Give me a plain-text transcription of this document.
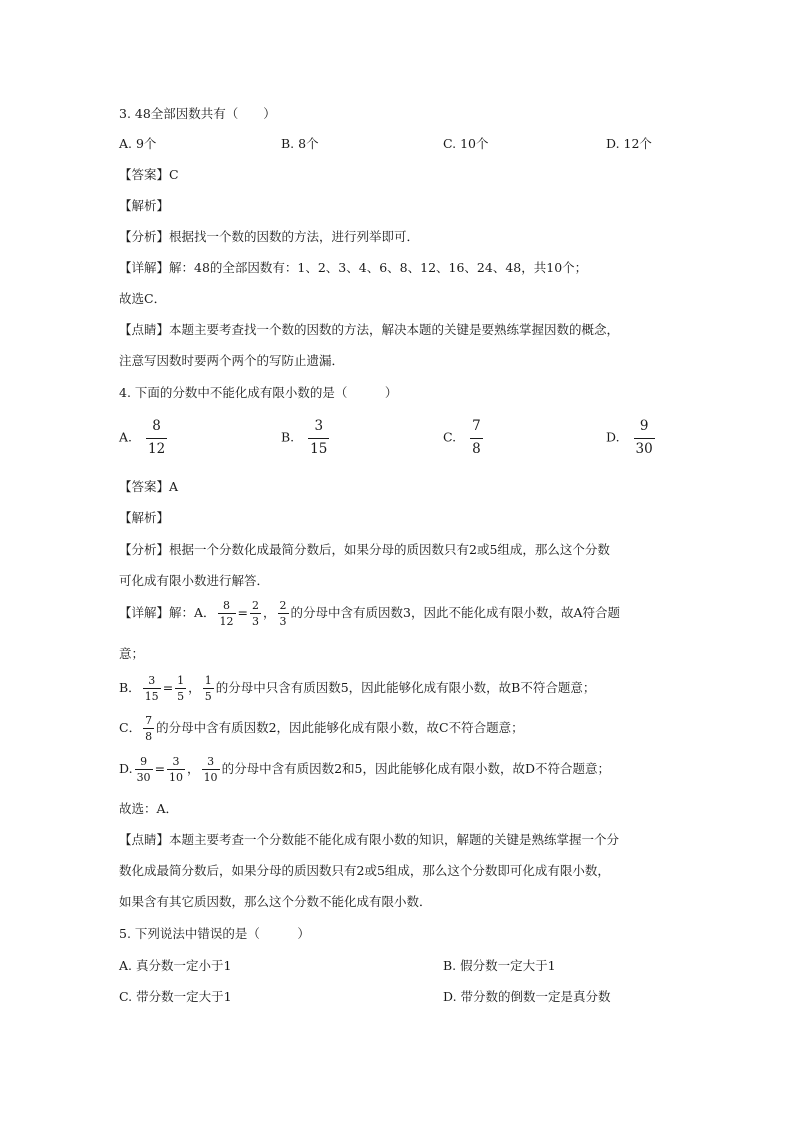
3. 48全部因数共有（　　）
A. 9个	B. 8个	C. 10个	D. 12个
【答案】C
【解析】
【分析】根据找一个数的因数的方法，进行列举即可．
【详解】解：48的全部因数有：1、2、3、4、6、8、12、16、24、48，共10个；
故选C．
【点睛】本题主要考查找一个数的因数的方法，解决本题的关键是要熟练掌握因数的概念，
注意写因数时要两个两个的写防止遗漏．
4. 下面的分数中不能化成有限小数的是（　　　）
A. $\frac{8}{12}$	B. $\frac{3}{15}$	C. $\frac{7}{8}$	D. $\frac{9}{30}$
【答案】A
【解析】
【分析】根据一个分数化成最简分数后，如果分母的质因数只有2或5组成，那么这个分数
可化成有限小数进行解答．
【详解】解：A． $\frac{8}{12} = \frac{2}{3}$ ， $\frac{2}{3}$ 的分母中含有质因数3，因此不能化成有限小数，故A符合题
意；
B． $\frac{3}{15} = \frac{1}{5}$ ， $\frac{1}{5}$ 的分母中只含有质因数5，因此能够化成有限小数，故B不符合题意；
C． $\frac{7}{8}$ 的分母中含有质因数2，因此能够化成有限小数，故C不符合题意；
D. $\frac{9}{30} = \frac{3}{10}$ ， $\frac{3}{10}$ 的分母中含有质因数2和5，因此能够化成有限小数，故D不符合题意；
故选：A．
【点睛】本题主要考查一个分数能不能化成有限小数的知识，解题的关键是熟练掌握一个分
数化成最简分数后，如果分母的质因数只有2或5组成，那么这个分数即可化成有限小数，
如果含有其它质因数，那么这个分数不能化成有限小数．
5. 下列说法中错误的是（　　　）
A. 真分数一定小于1	B. 假分数一定大于1
C. 带分数一定大于1	D. 带分数的倒数一定是真分数
